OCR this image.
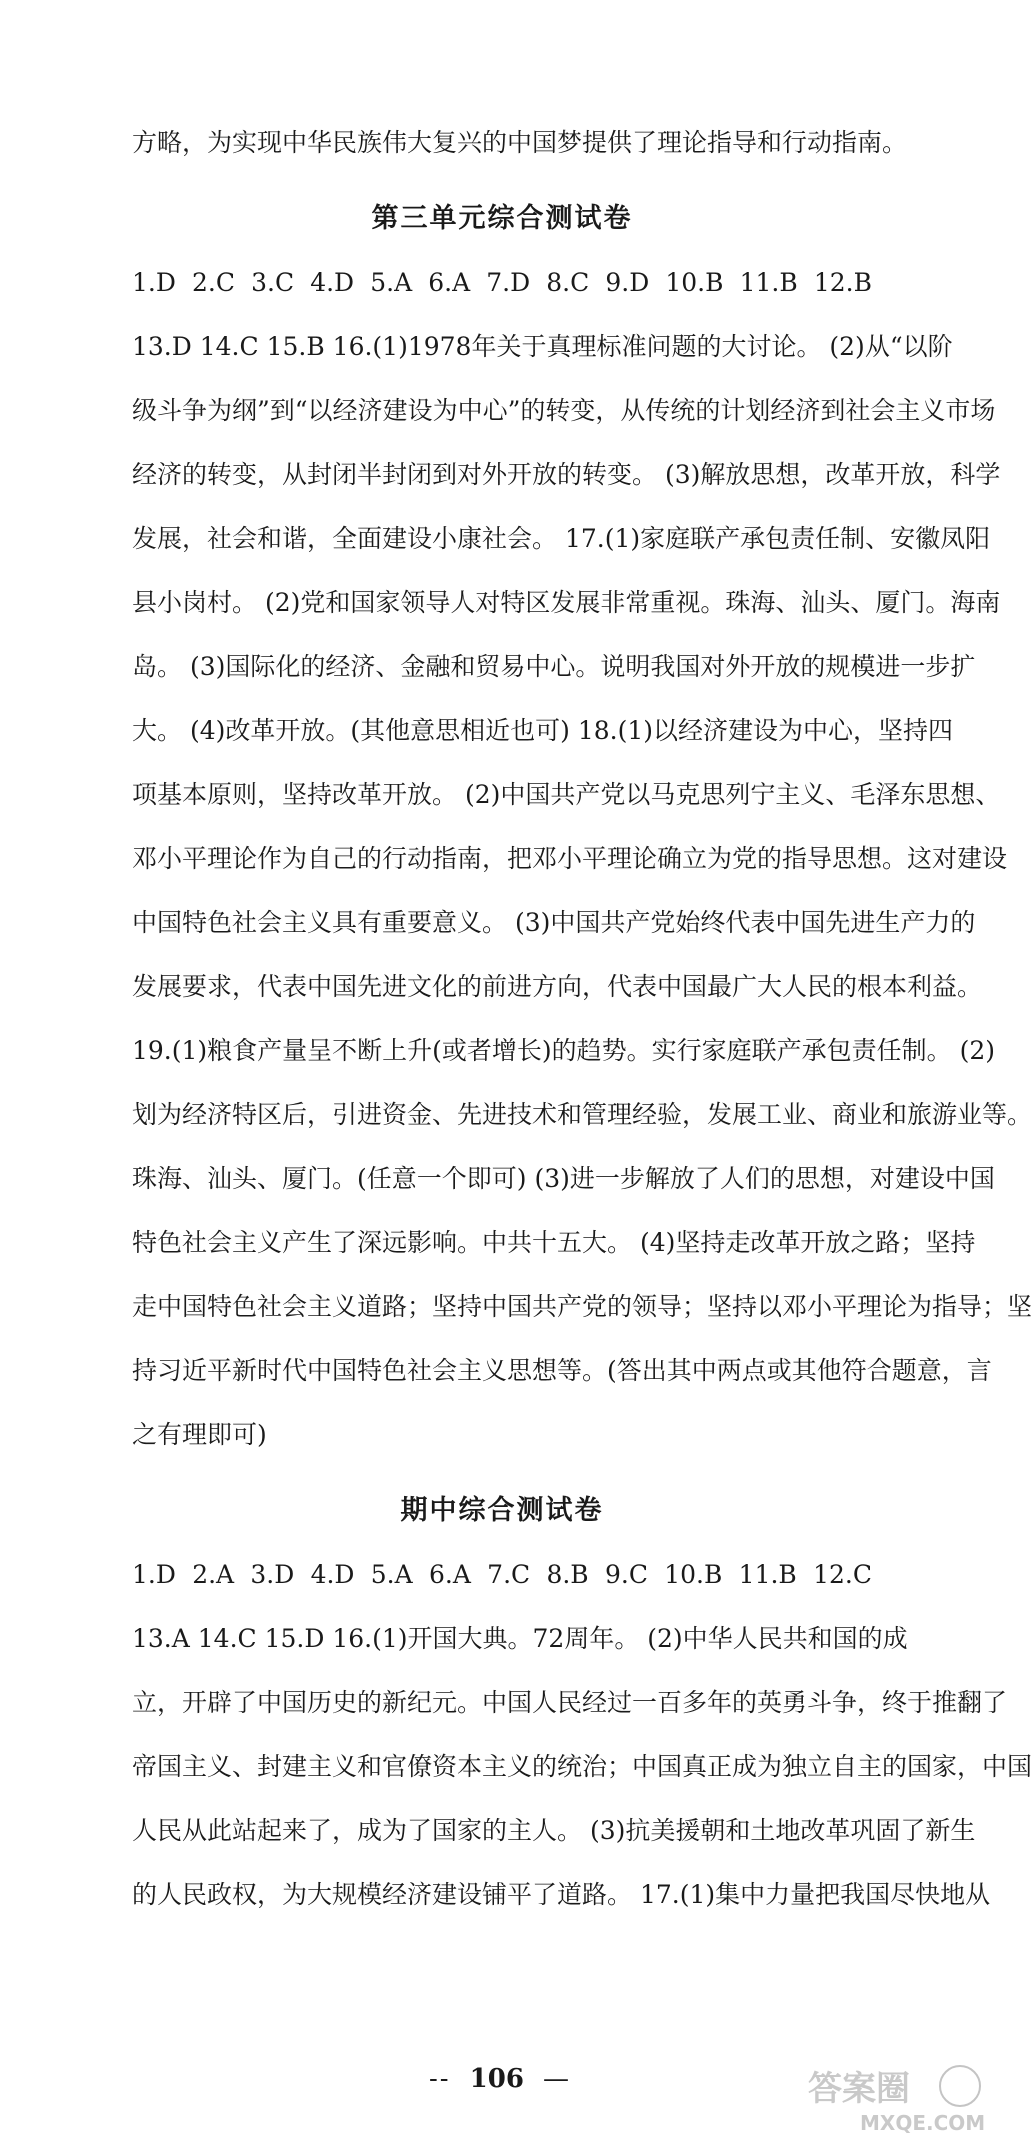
方略，为实现中华民族伟大复兴的中国梦提供了理论指导和行动指南。

第三单元综合测试卷

1.D 2.C 3.C 4.D 5.A 6.A 7.D 8.C 9.D 10.B 11.B 12.B

13.D 14.C 15.B 16.(1)1978年关于真理标准问题的大讨论。 (2)从“以阶

级斗争为纲”到“以经济建设为中心”的转变，从传统的计划经济到社会主义市场

经济的转变，从封闭半封闭到对外开放的转变。 (3)解放思想，改革开放，科学

发展，社会和谐，全面建设小康社会。 17.(1)家庭联产承包责任制、安徽凤阳

县小岗村。 (2)党和国家领导人对特区发展非常重视。珠海、汕头、厦门。海南

岛。 (3)国际化的经济、金融和贸易中心。说明我国对外开放的规模进一步扩

大。 (4)改革开放。(其他意思相近也可) 18.(1)以经济建设为中心，坚持四

项基本原则，坚持改革开放。 (2)中国共产党以马克思列宁主义、毛泽东思想、

邓小平理论作为自己的行动指南，把邓小平理论确立为党的指导思想。这对建设

中国特色社会主义具有重要意义。 (3)中国共产党始终代表中国先进生产力的

发展要求，代表中国先进文化的前进方向，代表中国最广大人民的根本利益。

19.(1)粮食产量呈不断上升(或者增长)的趋势。实行家庭联产承包责任制。 (2)

划为经济特区后，引进资金、先进技术和管理经验，发展工业、商业和旅游业等。

珠海、汕头、厦门。(任意一个即可) (3)进一步解放了人们的思想，对建设中国

特色社会主义产生了深远影响。中共十五大。 (4)坚持走改革开放之路；坚持

走中国特色社会主义道路；坚持中国共产党的领导；坚持以邓小平理论为指导；坚

持习近平新时代中国特色社会主义思想等。(答出其中两点或其他符合题意，言

之有理即可)

期中综合测试卷

1.D 2.A 3.D 4.D 5.A 6.A 7.C 8.B 9.C 10.B 11.B 12.C

13.A 14.C 15.D 16.(1)开国大典。72周年。 (2)中华人民共和国的成

立，开辟了中国历史的新纪元。中国人民经过一百多年的英勇斗争，终于推翻了

帝国主义、封建主义和官僚资本主义的统治；中国真正成为独立自主的国家，中国

人民从此站起来了，成为了国家的主人。 (3)抗美援朝和土地改革巩固了新生

的人民政权，为大规模经济建设铺平了道路。 17.(1)集中力量把我国尽快地从

-- 106 —	答案圈
MXQE.COM
